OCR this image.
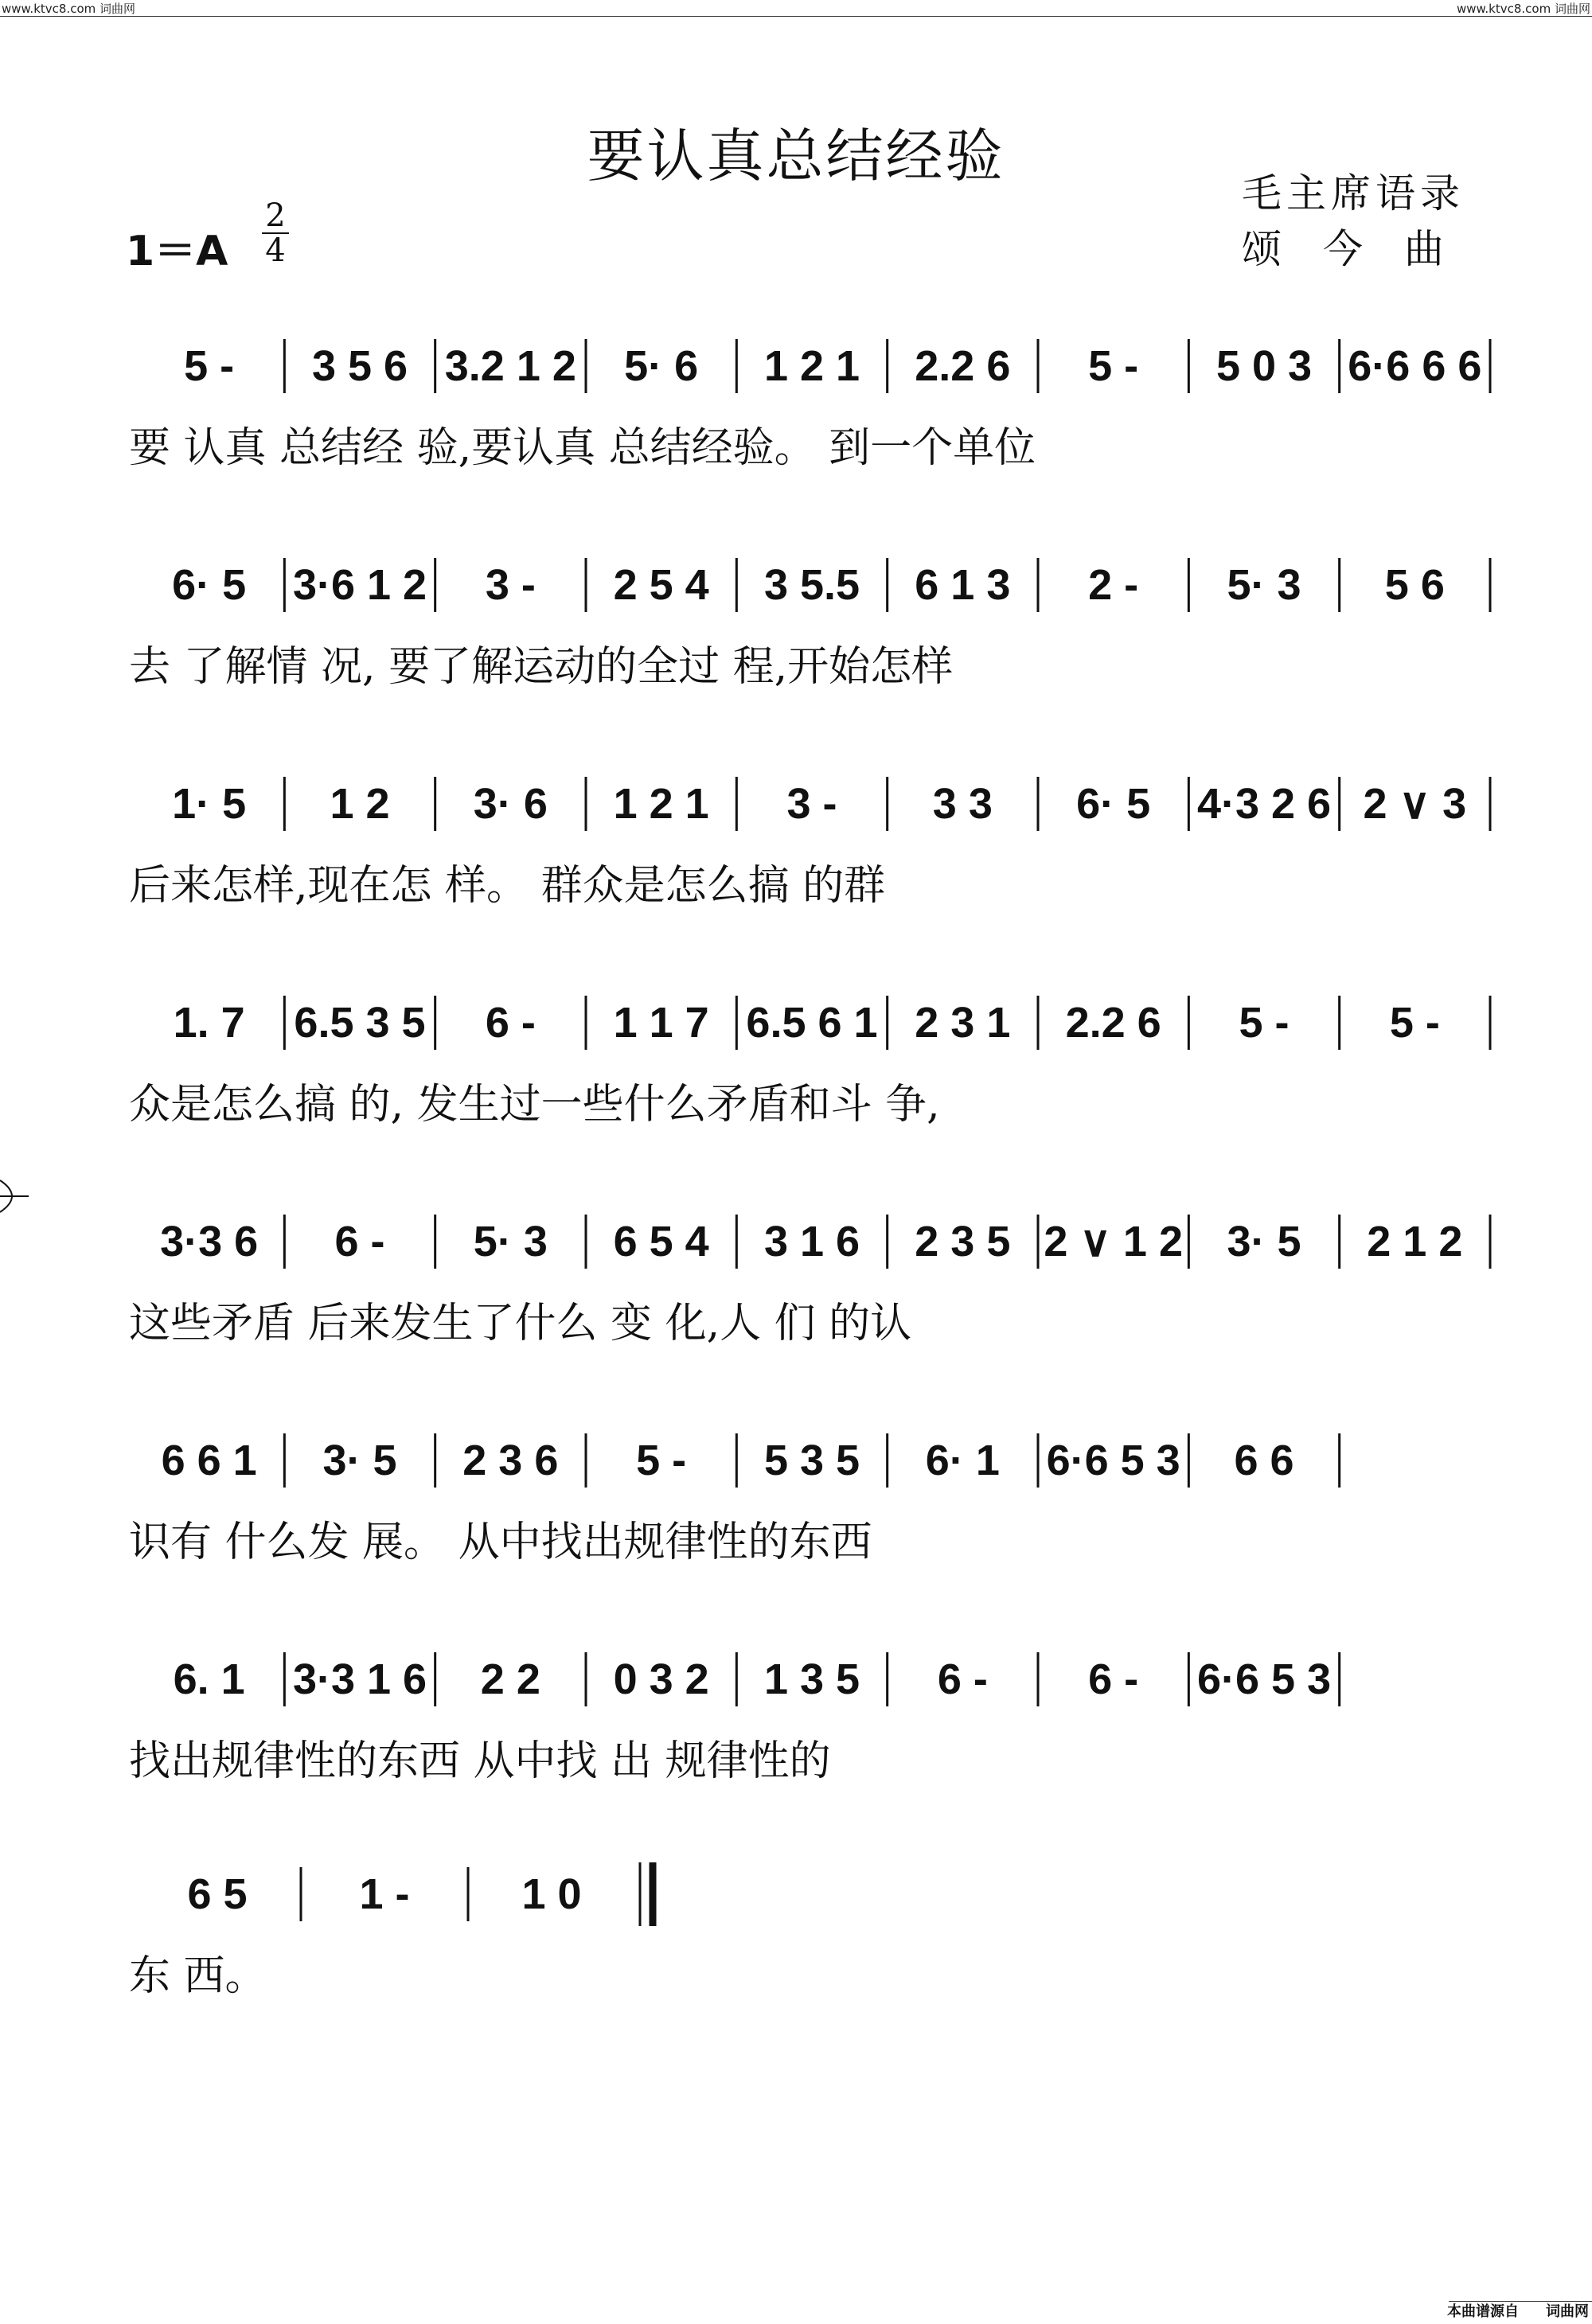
www.ktvc8.com 词曲网	www.ktvc8.com 词曲网
要认真总结经验
毛主席语录
颂今曲
1＝A
2
4
5 - 3 5 6 3.2 1 2 5· 6 1 2 1 2.2 6 5 - 5 0 3 6·6 6 6
要 认真 总结经 验,要认真 总结经验。 到一个单位
6· 5 3·6 1 2 3 - 2 5 4 3 5.5 6 1 3 2 - 5· 3 5 6
去 了解情 况, 要了解运动的全过 程,开始怎样
1· 5 1 2 3· 6 1 2 1 3 - 3 3 6· 5 4·3 2 6 2 ∨ 3
后来怎样,现在怎 样。 群众是怎么搞 的群
1. 7 6.5 3 5 6 - 1 1 7 6.5 6 1 2 3 1 2.2 6 5 - 5 -
众是怎么搞 的, 发生过一些什么矛盾和斗 争,
3·3 6 6 - 5· 3 6 5 4 3 1 6 2 3 5 2 ∨ 1 2 3· 5 2 1 2
这些矛盾 后来发生了什么 变 化,人 们 的认
6 6 1 3· 5 2 3 6 5 - 5 3 5 6· 1 6·6 5 3 6 6
识有 什么发 展。 从中找出规律性的东西
6. 1 3·3 1 6 2 2 0 3 2 1 3 5 6 - 6 - 6·6 5 3
找出规律性的东西 从中找 出 规律性的
6 5	1 -	1 0
东 西。
本曲谱源自 词曲网
